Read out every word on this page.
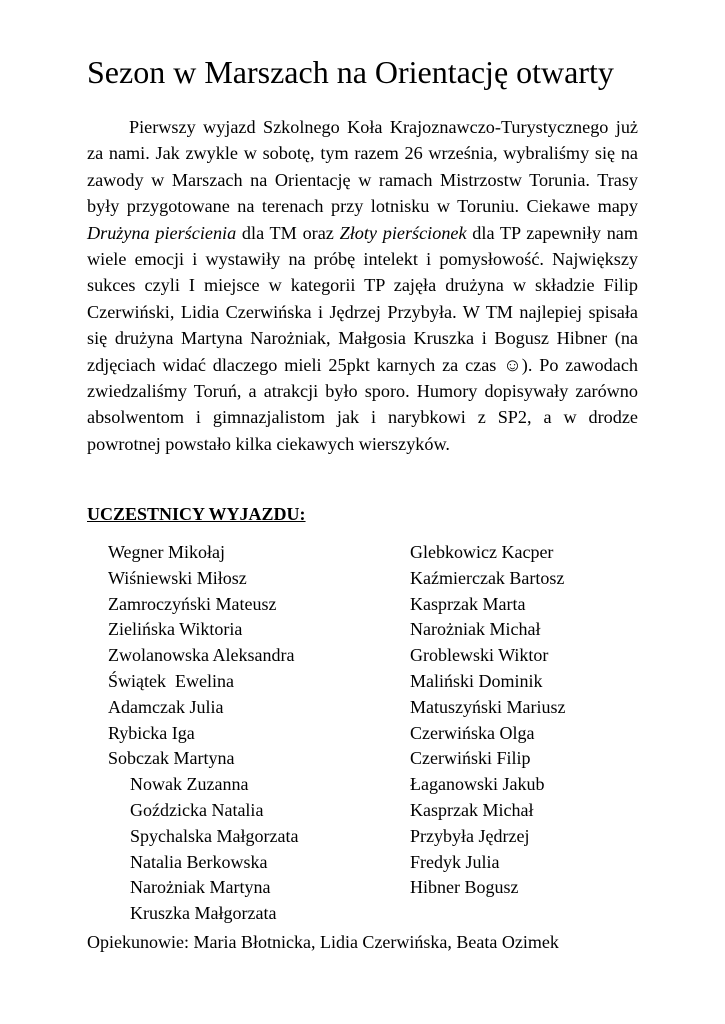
Sezon w Marszach na Orientację otwarty

Pierwszy wyjazd Szkolnego Koła Krajoznawczo-Turystycznego już za nami. Jak zwykle w sobotę, tym razem 26 września, wybraliśmy się na zawody w Marszach na Orientację w ramach Mistrzostw Torunia. Trasy były przygotowane na terenach przy lotnisku w Toruniu. Ciekawe mapy Drużyna pierścienia dla TM oraz Złoty pierścionek dla TP zapewniły nam wiele emocji i wystawiły na próbę intelekt i pomysłowość. Największy sukces czyli I miejsce w kategorii TP zajęła drużyna w składzie Filip Czerwiński, Lidia Czerwińska i Jędrzej Przybyła. W TM najlepiej spisała się drużyna Martyna Narożniak, Małgosia Kruszka i Bogusz Hibner (na zdjęciach widać dlaczego mieli 25pkt karnych za czas ☺). Po zawodach zwiedzaliśmy Toruń, a atrakcji było sporo. Humory dopisywały zarówno absolwentom i gimnazjalistom jak i narybkowi z SP2, a w drodze powrotnej powstało kilka ciekawych wierszyków.

UCZESTNICY WYJAZDU:
Wegner Mikołaj
Wiśniewski Miłosz
Zamroczyński Mateusz
Zielińska Wiktoria
Zwolanowska Aleksandra
Świątek  Ewelina
Adamczak Julia
Rybicka Iga
Sobczak Martyna
Nowak Zuzanna
Goździcka Natalia
Spychalska Małgorzata
Natalia Berkowska
Narożniak Martyna
Kruszka Małgorzata
Glebkowicz Kacper
Kaźmierczak Bartosz
Kasprzak Marta
Narożniak Michał
Groblewski Wiktor
Maliński Dominik
Matuszyński Mariusz
Czerwińska Olga
Czerwiński Filip
Łaganowski Jakub
Kasprzak Michał
Przybyła Jędrzej
Fredyk Julia
Hibner Bogusz

Opiekunowie: Maria Błotnicka, Lidia Czerwińska, Beata Ozimek
